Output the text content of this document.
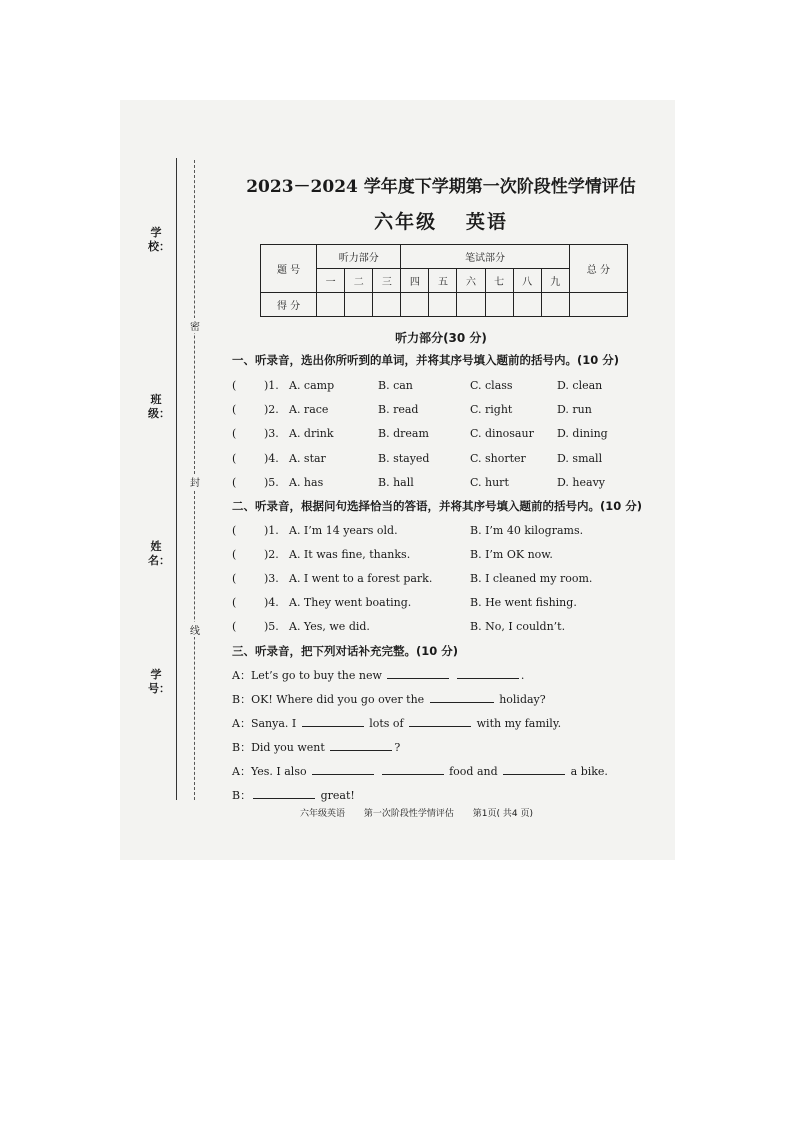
学校：
班级：
姓名：
学号：
密
封
线
2023－2024 学年度下学期第一次阶段性学情评估
六年级 英语
题 号	听力部分			笔试部分						总 分
	一	二	三	四	五	六	七	八	九	
得 分										
听力部分(30 分)
一、听录音，选出你所听到的单词，并将其序号填入题前的括号内。(10 分)
(	)1. A. camp	B. can	C. class	D. clean
(	)2. A. race	B. read	C. right	D. run
(	)3. A. drink	B. dream	C. dinosaur D. dining
(	)4. A. star	B. stayed	C. shorter	D. small
(	)5. A. has	B. hall	C. hurt	D. heavy
二、听录音，根据问句选择恰当的答语，并将其序号填入题前的括号内。(10 分)
(	)1. A. I’m 14 years old.	B. I’m 40 kilograms.
(	)2. A. It was fine, thanks.	B. I’m OK now.
(	)3. A. I went to a forest park.	B. I cleaned my room.
(	)4. A. They went boating.	B. He went fishing.
(	)5. A. Yes, we did.	B. No, I couldn’t.
三、听录音，把下列对话补充完整。(10 分)
A：Let’s go to buy the new	.
B：OK! Where did you go over the	holiday?
A：Sanya. I	lots of	with my family.
B：Did you went	?
A：Yes. I also	food and	a bike.
B：	great!
六年级英语 第一次阶段性学情评估 第1页( 共4 页)
